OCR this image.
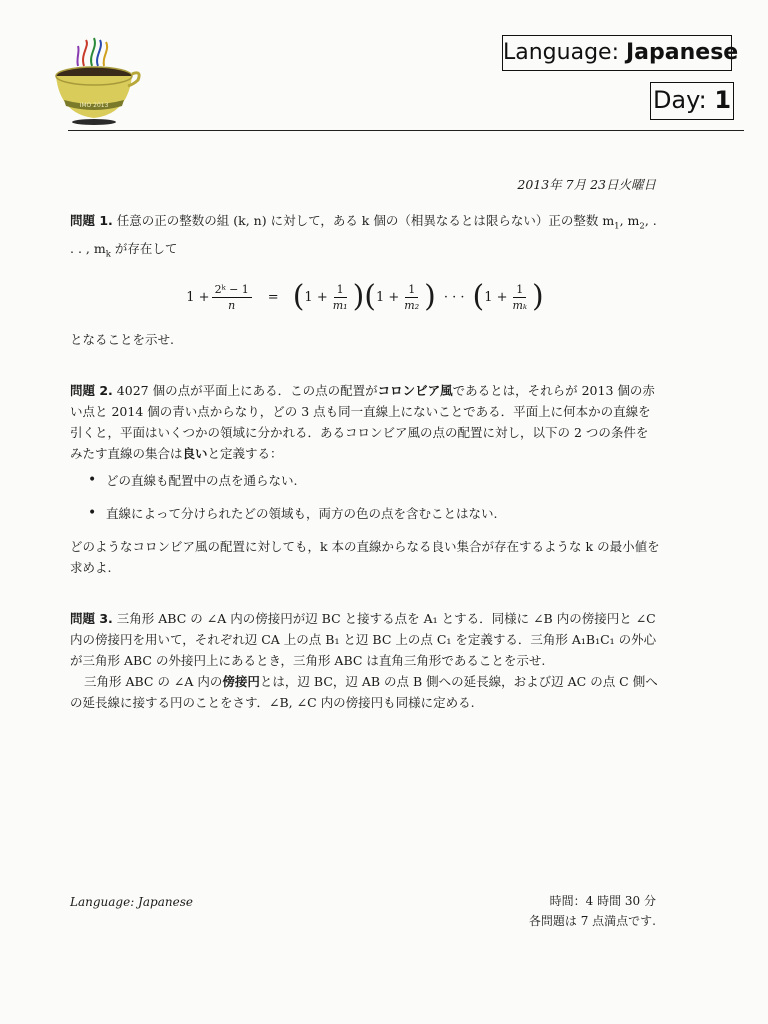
IMO 2013
Language: Japanese
Day: 1
2013年 7月 23日火曜日

問題 1. 任意の正の整数の組 (k, n) に対して，ある k 個の（相異なるとは限らない）正の整数 $m_1$, $m_2$, . . . , $m_k$ が存在して

$1 + \frac{\text{2ᵏ − 1}}{n}$ = ( $1 + \frac{1}{\text{m₁}}$ ) ( $1 + \frac{1}{\text{m₂}}$ ) · · · ( $1 + \frac{1}{\text{mₖ}}$ )

となることを示せ.

問題 2. 4027 個の点が平面上にある．この点の配置がコロンビア風であるとは，それらが 2013 個の赤い点と 2014 個の青い点からなり，どの 3 点も同一直線上にないことである．平面上に何本かの直線を引くと，平面はいくつかの領域に分かれる．あるコロンビア風の点の配置に対し，以下の 2 つの条件をみたす直線の集合は良いと定義する：

• どの直線も配置中の点を通らない.
• 直線によって分けられたどの領域も，両方の色の点を含むことはない.

どのようなコロンビア風の配置に対しても，k 本の直線からなる良い集合が存在するような k の最小値を求めよ.

問題 3. 三角形 ABC の ∠A 内の傍接円が辺 BC と接する点を A₁ とする．同様に ∠B 内の傍接円と ∠C 内の傍接円を用いて，それぞれ辺 CA 上の点 B₁ と辺 BC 上の点 C₁ を定義する．三角形 A₁B₁C₁ の外心が三角形 ABC の外接円上にあるとき，三角形 ABC は直角三角形であることを示せ.

三角形 ABC の ∠A 内の傍接円とは，辺 BC，辺 AB の点 B 側への延長線，および辺 AC の点 C 側への延長線に接する円のことをさす．∠B, ∠C 内の傍接円も同様に定める.

Language: Japanese	時間：4 時間 30 分
各問題は 7 点満点です.
